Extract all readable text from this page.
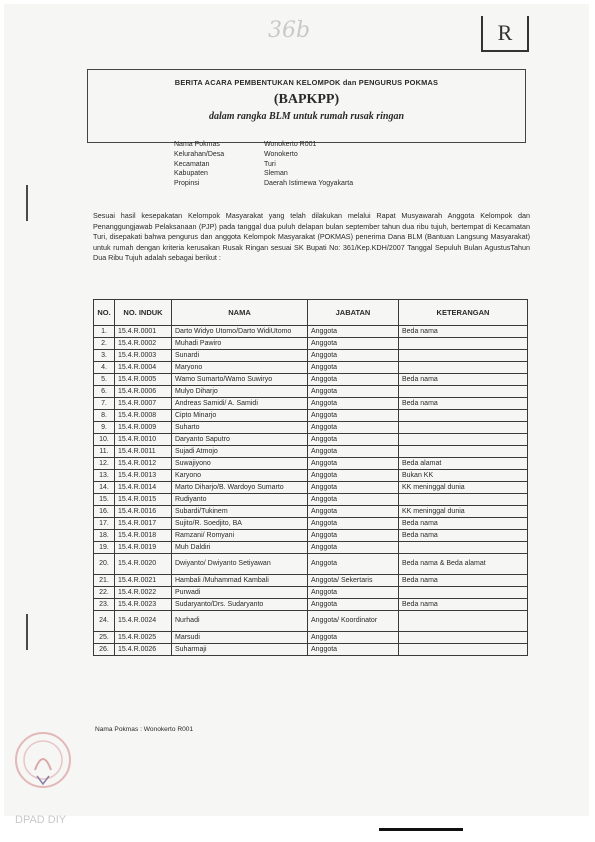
36b	R
BERITA ACARA PEMBENTUKAN KELOMPOK dan PENGURUS POKMAS
(BAPKPP)
dalam rangka BLM untuk rumah rusak ringan
Nama Pokmas	Wonokerto R001
Kelurahan/Desa	Wonokerto
Kecamatan	Turi
Kabupaten	Sleman
Propinsi	Daerah Istimewa Yogyakarta
Sesuai hasil kesepakatan Kelompok Masyarakat yang telah dilakukan melalui Rapat Musyawarah Anggota Kelompok dan Penanggungjawab Pelaksanaan (PJP) pada tanggal dua puluh delapan bulan september tahun dua ribu tujuh, bertempat di Kecamatan Turi, disepakati bahwa pengurus dan anggota Kelompok Masyarakat (POKMAS) penerima Dana BLM (Bantuan Langsung Masyarakat) untuk rumah dengan kriteria kerusakan Rusak Ringan sesuai SK Bupati No: 361/Kep.KDH/2007 Tanggal Sepuluh Bulan AgustusTahun Dua Ribu Tujuh adalah sebagai berikut :
NO.	NO. INDUK	NAMA	JABATAN	KETERANGAN
1.	15.4.R.0001	Darto Widyo Utomo/Darto WidiUtomo	Anggota	Beda nama
2.	15.4.R.0002	Muhadi Pawiro	Anggota	
3.	15.4.R.0003	Sunardi	Anggota	
4.	15.4.R.0004	Maryono	Anggota	
5.	15.4.R.0005	Wamo Sumarto/Wamo Suwiryo	Anggota	Beda nama
6.	15.4.R.0006	Mulyo Diharjo	Anggota	
7.	15.4.R.0007	Andreas Samidi/ A. Samidi	Anggota	Beda nama
8.	15.4.R.0008	Cipto Minarjo	Anggota	
9.	15.4.R.0009	Suharto	Anggota	
10.	15.4.R.0010	Daryanto Saputro	Anggota	
11.	15.4.R.0011	Sujadi Atmojo	Anggota	
12.	15.4.R.0012	Suwajiyono	Anggota	Beda alamat
13.	15.4.R.0013	Karyono	Anggota	Bukan KK
14.	15.4.R.0014	Marto Diharjo/B. Wardoyo Sumarto	Anggota	KK meninggal dunia
15.	15.4.R.0015	Rudiyanto	Anggota	
16.	15.4.R.0016	Subardi/Tukinem	Anggota	KK meninggal dunia
17.	15.4.R.0017	Sujito/R. Soedjito, BA	Anggota	Beda nama
18.	15.4.R.0018	Ramzani/ Romyani	Anggota	Beda nama
19.	15.4.R.0019	Muh Daldiri	Anggota	
20.	15.4.R.0020	Dwiyanto/ Dwiyanto Setiyawan	Anggota	Beda nama & Beda alamat
21.	15.4.R.0021	Hambali /Muhammad Kambali	Anggota/ Sekertaris	Beda nama
22.	15.4.R.0022	Purwadi	Anggota	
23.	15.4.R.0023	Sudaryanto/Drs. Sudaryanto	Anggota	Beda nama
24.	15.4.R.0024	Nurhadi	Anggota/ Koordinator	
25.	15.4.R.0025	Marsudi	Anggota	
26.	15.4.R.0026	Suharmaji	Anggota	
Nama Pokmas : Wonokerto R001
DPAD DIY
